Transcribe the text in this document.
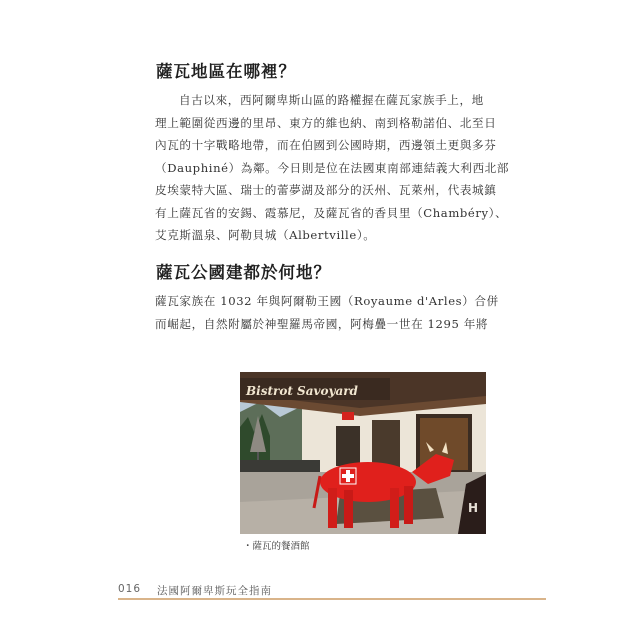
薩瓦地區在哪裡？
自古以來，西阿爾卑斯山區的路權握在薩瓦家族手上，地
理上範圍從西邊的里昂、東方的維也納、南到格勒諾伯、北至日
內瓦的十字戰略地帶，而在伯國到公國時期，西邊領土更與多芬
（Dauphiné）為鄰。今日則是位在法國東南部連結義大利西北部
皮埃蒙特大區、瑞士的蕾夢湖及部分的沃州、瓦萊州，代表城鎮
有上薩瓦省的安錫、霞慕尼，及薩瓦省的香貝里（Chambéry）、
艾克斯溫泉、阿勒貝城（Albertville）。
薩瓦公國建都於何地？
薩瓦家族在 1032 年與阿爾勒王國（Royaume d'Arles）合併
而崛起，自然附屬於神聖羅馬帝國，阿梅疊一世在 1295 年將
Bistrot Savoyard
H
・薩瓦的餐酒館
016 法國阿爾卑斯玩全指南
